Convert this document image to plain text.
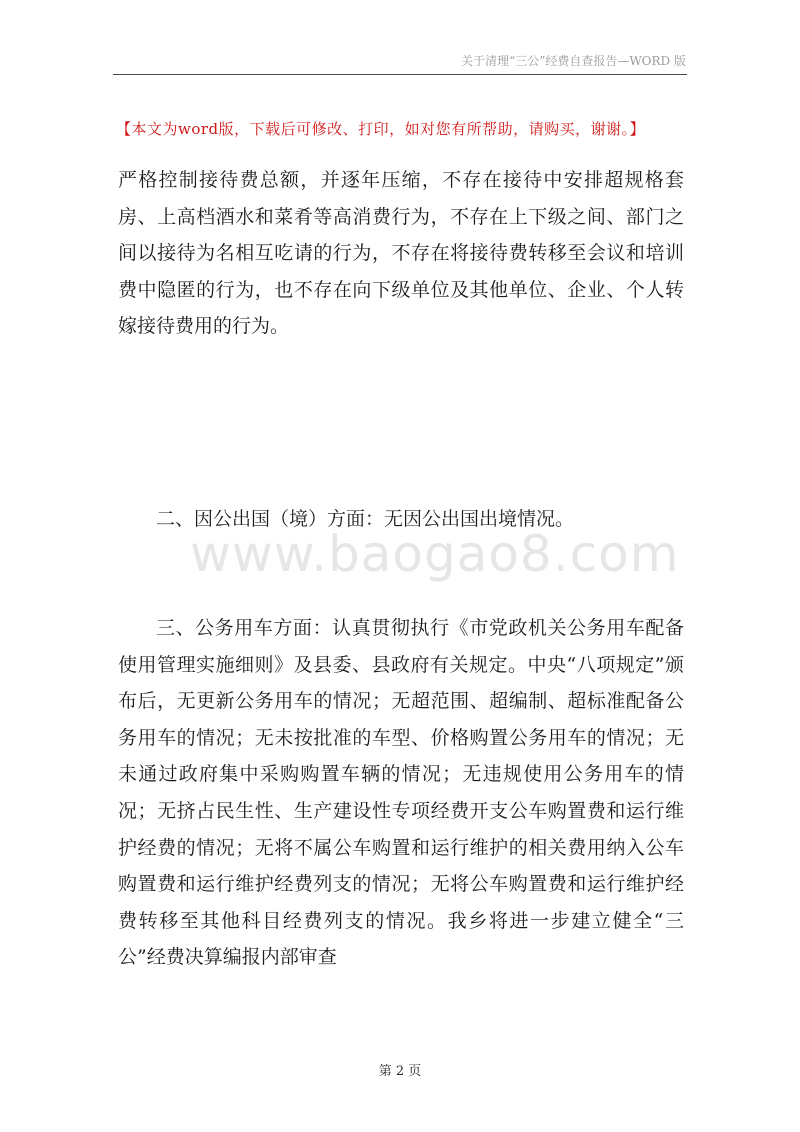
关于清理“三公”经费自查报告—WORD 版
【本文为word版，下载后可修改、打印，如对您有所帮助，请购买，谢谢。】

严格控制接待费总额，并逐年压缩，不存在接待中安排超规格套房、上高档酒水和菜肴等高消费行为，不存在上下级之间、部门之间以接待为名相互吃请的行为，不存在将接待费转移至会议和培训费中隐匿的行为，也不存在向下级单位及其他单位、企业、个人转嫁接待费用的行为。

www.baogao8.com

二、因公出国（境）方面：无因公出国出境情况。

三、公务用车方面：认真贯彻执行《市党政机关公务用车配备使用管理实施细则》及县委、县政府有关规定。中央“八项规定”颁布后，无更新公务用车的情况；无超范围、超编制、超标准配备公务用车的情况；无未按批准的车型、价格购置公务用车的情况；无未通过政府集中采购购置车辆的情况；无违规使用公务用车的情况；无挤占民生性、生产建设性专项经费开支公车购置费和运行维护经费的情况；无将不属公车购置和运行维护的相关费用纳入公车购置费和运行维护经费列支的情况；无将公车购置费和运行维护经费转移至其他科目经费列支的情况。我乡将进一步建立健全“三公”经费决算编报内部审查

第 2 页
